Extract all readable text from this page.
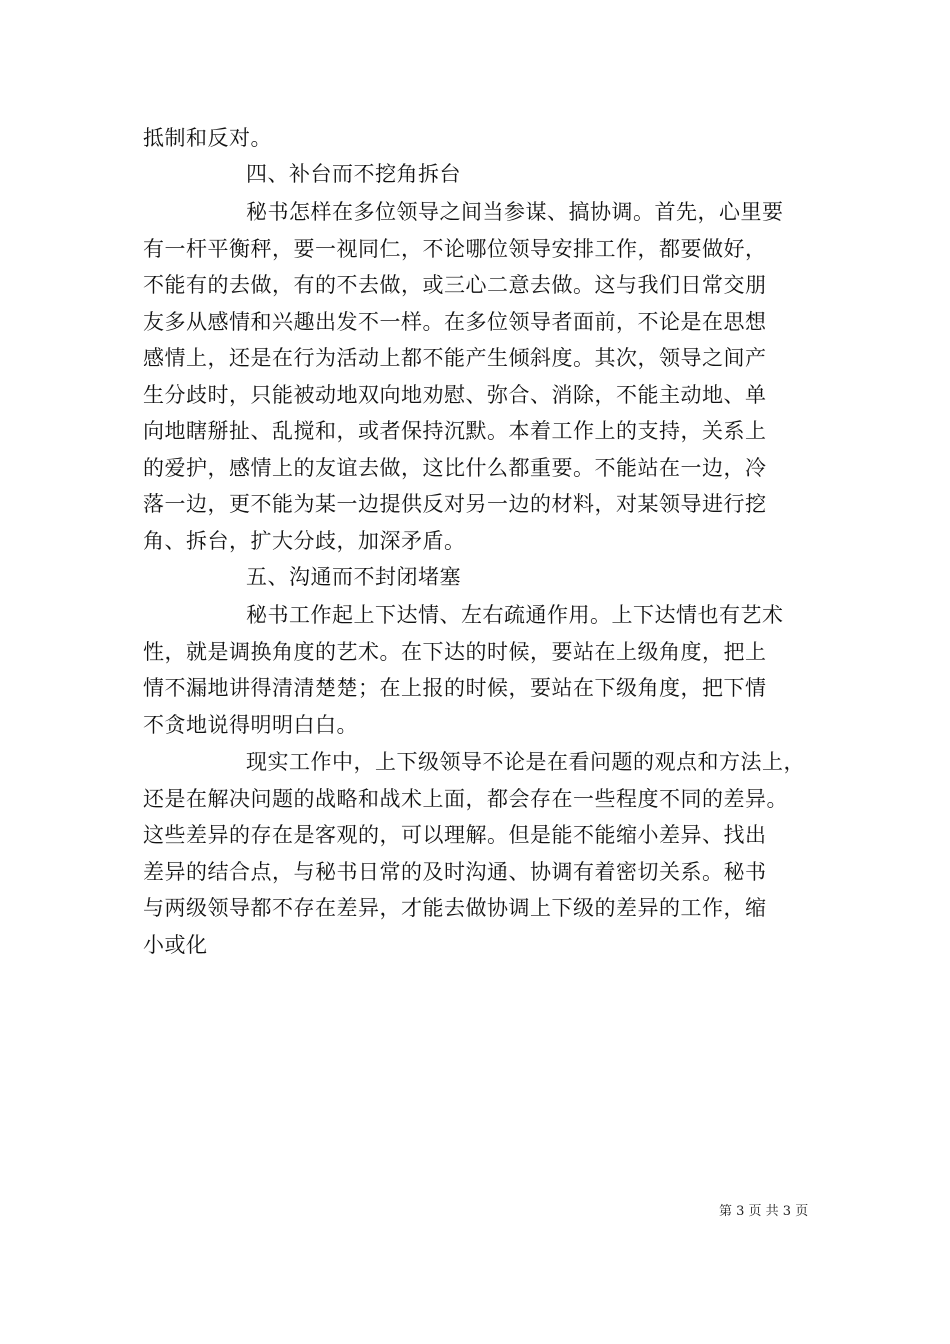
抵制和反对。
四、补台而不挖角拆台
秘书怎样在多位领导之间当参谋、搞协调。首先，心里要
有一杆平衡秤，要一视同仁，不论哪位领导安排工作，都要做好，
不能有的去做，有的不去做，或三心二意去做。这与我们日常交朋
友多从感情和兴趣出发不一样。在多位领导者面前，不论是在思想
感情上，还是在行为活动上都不能产生倾斜度。其次，领导之间产
生分歧时，只能被动地双向地劝慰、弥合、消除，不能主动地、单
向地瞎掰扯、乱搅和，或者保持沉默。本着工作上的支持，关系上
的爱护，感情上的友谊去做，这比什么都重要。不能站在一边，冷
落一边，更不能为某一边提供反对另一边的材料，对某领导进行挖
角、拆台，扩大分歧，加深矛盾。
五、沟通而不封闭堵塞
秘书工作起上下达情、左右疏通作用。上下达情也有艺术
性，就是调换角度的艺术。在下达的时候，要站在上级角度，把上
情不漏地讲得清清楚楚；在上报的时候，要站在下级角度，把下情
不贪地说得明明白白。
现实工作中，上下级领导不论是在看问题的观点和方法上，
还是在解决问题的战略和战术上面，都会存在一些程度不同的差异。
这些差异的存在是客观的，可以理解。但是能不能缩小差异、找出
差异的结合点，与秘书日常的及时沟通、协调有着密切关系。秘书
与两级领导都不存在差异，才能去做协调上下级的差异的工作，缩
小或化
第 3 页 共 3 页
